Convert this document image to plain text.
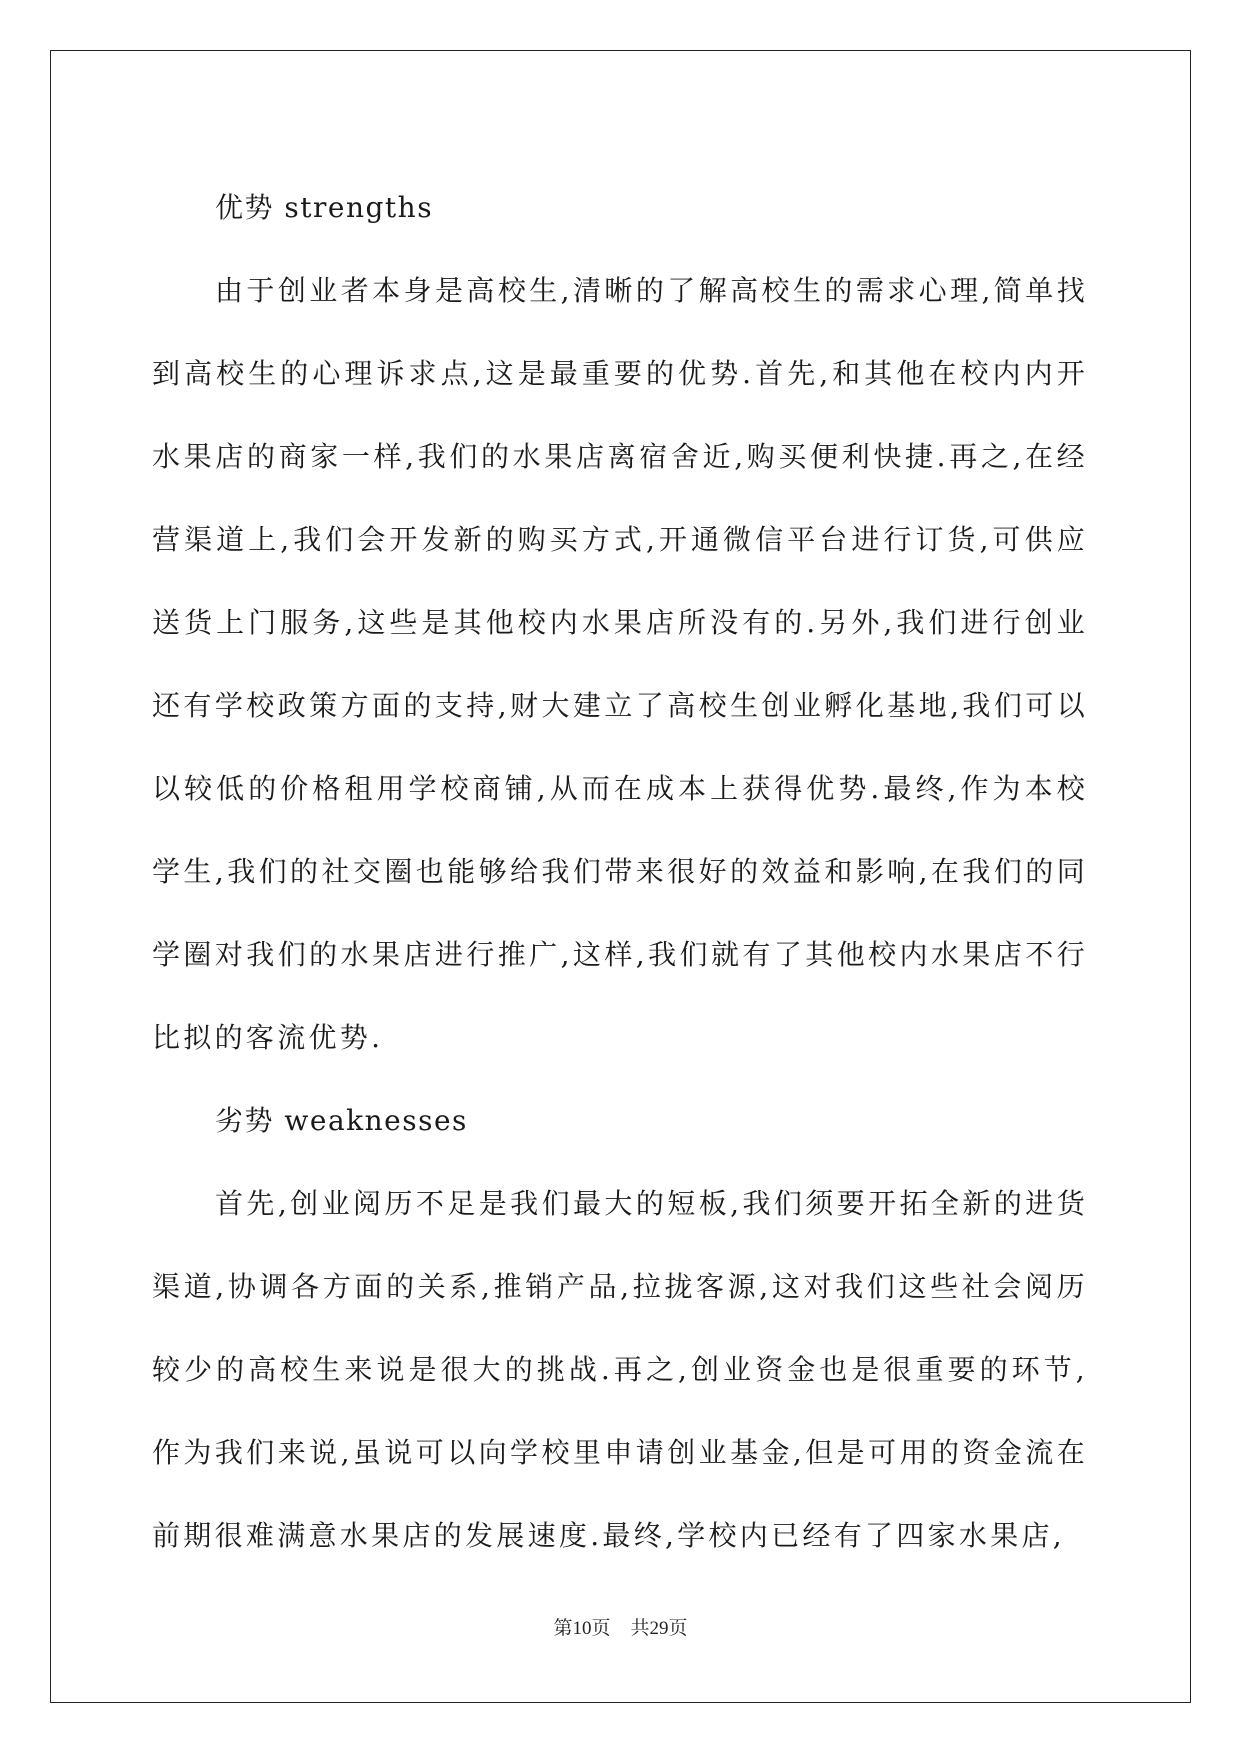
优势 strengths

由于创业者本身是高校生,清晰的了解高校生的需求心理,简单找到高校生的心理诉求点,这是最重要的优势.首先,和其他在校内内开水果店的商家一样,我们的水果店离宿舍近,购买便利快捷.再之,在经营渠道上,我们会开发新的购买方式,开通微信平台进行订货,可供应送货上门服务,这些是其他校内水果店所没有的.另外,我们进行创业还有学校政策方面的支持,财大建立了高校生创业孵化基地,我们可以以较低的价格租用学校商铺,从而在成本上获得优势.最终,作为本校学生,我们的社交圈也能够给我们带来很好的效益和影响,在我们的同学圈对我们的水果店进行推广,这样,我们就有了其他校内水果店不行比拟的客流优势.

劣势 weaknesses

首先,创业阅历不足是我们最大的短板,我们须要开拓全新的进货渠道,协调各方面的关系,推销产品,拉拢客源,这对我们这些社会阅历较少的高校生来说是很大的挑战.再之,创业资金也是很重要的环节,作为我们来说,虽说可以向学校里申请创业基金,但是可用的资金流在前期很难满意水果店的发展速度.最终,学校内已经有了四家水果店,

第10页 共29页
